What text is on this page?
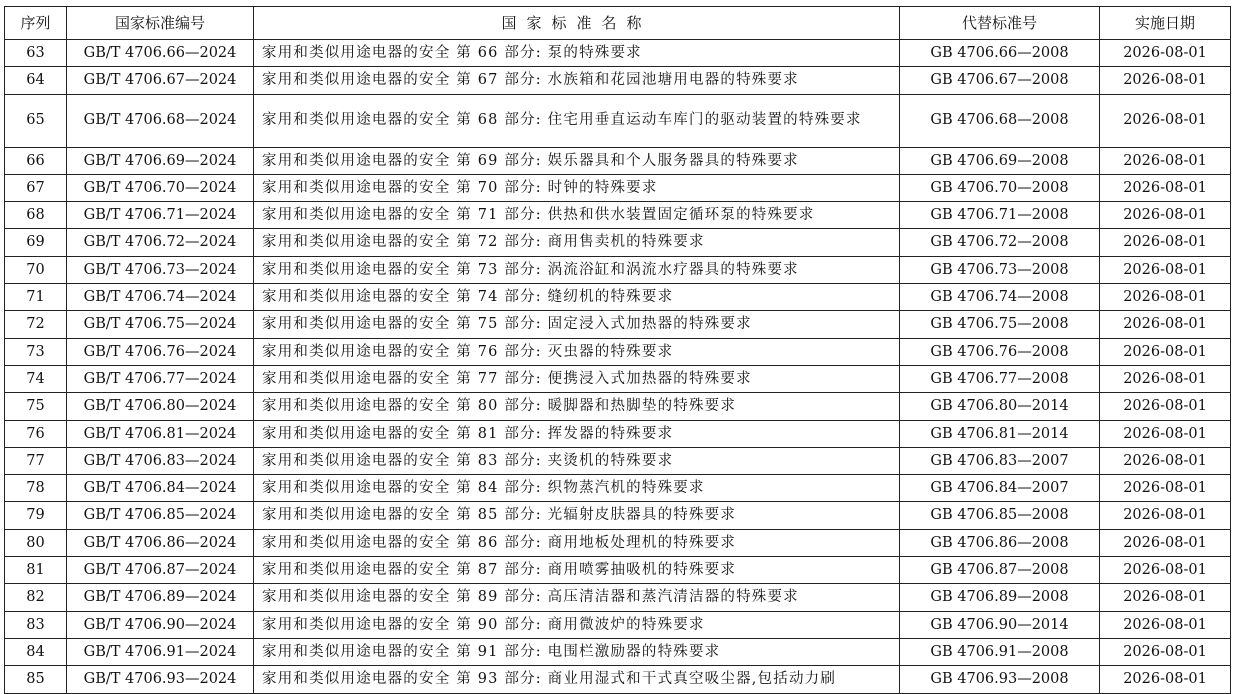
序列	国家标准编号	国家标准名称	代替标准号	实施日期
63	GB/T 4706.66—2024	家用和类似用途电器的安全 第 66 部分: 泵的特殊要求	GB 4706.66—2008	2026-08-01
64	GB/T 4706.67—2024	家用和类似用途电器的安全 第 67 部分: 水族箱和花园池塘用电器的特殊要求	GB 4706.67—2008	2026-08-01
65	GB/T 4706.68—2024	家用和类似用途电器的安全 第 68 部分: 住宅用垂直运动车库门的驱动装置的特殊要求	GB 4706.68—2008	2026-08-01
66	GB/T 4706.69—2024	家用和类似用途电器的安全 第 69 部分: 娱乐器具和个人服务器具的特殊要求	GB 4706.69—2008	2026-08-01
67	GB/T 4706.70—2024	家用和类似用途电器的安全 第 70 部分: 时钟的特殊要求	GB 4706.70—2008	2026-08-01
68	GB/T 4706.71—2024	家用和类似用途电器的安全 第 71 部分: 供热和供水装置固定循环泵的特殊要求	GB 4706.71—2008	2026-08-01
69	GB/T 4706.72—2024	家用和类似用途电器的安全 第 72 部分: 商用售卖机的特殊要求	GB 4706.72—2008	2026-08-01
70	GB/T 4706.73—2024	家用和类似用途电器的安全 第 73 部分: 涡流浴缸和涡流水疗器具的特殊要求	GB 4706.73—2008	2026-08-01
71	GB/T 4706.74—2024	家用和类似用途电器的安全 第 74 部分: 缝纫机的特殊要求	GB 4706.74—2008	2026-08-01
72	GB/T 4706.75—2024	家用和类似用途电器的安全 第 75 部分: 固定浸入式加热器的特殊要求	GB 4706.75—2008	2026-08-01
73	GB/T 4706.76—2024	家用和类似用途电器的安全 第 76 部分: 灭虫器的特殊要求	GB 4706.76—2008	2026-08-01
74	GB/T 4706.77—2024	家用和类似用途电器的安全 第 77 部分: 便携浸入式加热器的特殊要求	GB 4706.77—2008	2026-08-01
75	GB/T 4706.80—2024	家用和类似用途电器的安全 第 80 部分: 暖脚器和热脚垫的特殊要求	GB 4706.80—2014	2026-08-01
76	GB/T 4706.81—2024	家用和类似用途电器的安全 第 81 部分: 挥发器的特殊要求	GB 4706.81—2014	2026-08-01
77	GB/T 4706.83—2024	家用和类似用途电器的安全 第 83 部分: 夹烫机的特殊要求	GB 4706.83—2007	2026-08-01
78	GB/T 4706.84—2024	家用和类似用途电器的安全 第 84 部分: 织物蒸汽机的特殊要求	GB 4706.84—2007	2026-08-01
79	GB/T 4706.85—2024	家用和类似用途电器的安全 第 85 部分: 光辐射皮肤器具的特殊要求	GB 4706.85—2008	2026-08-01
80	GB/T 4706.86—2024	家用和类似用途电器的安全 第 86 部分: 商用地板处理机的特殊要求	GB 4706.86—2008	2026-08-01
81	GB/T 4706.87—2024	家用和类似用途电器的安全 第 87 部分: 商用喷雾抽吸机的特殊要求	GB 4706.87—2008	2026-08-01
82	GB/T 4706.89—2024	家用和类似用途电器的安全 第 89 部分: 高压清洁器和蒸汽清洁器的特殊要求	GB 4706.89—2008	2026-08-01
83	GB/T 4706.90—2024	家用和类似用途电器的安全 第 90 部分: 商用微波炉的特殊要求	GB 4706.90—2014	2026-08-01
84	GB/T 4706.91—2024	家用和类似用途电器的安全 第 91 部分: 电围栏激励器的特殊要求	GB 4706.91—2008	2026-08-01
85	GB/T 4706.93—2024	家用和类似用途电器的安全 第 93 部分: 商业用湿式和干式真空吸尘器,包括动力刷	GB 4706.93—2008	2026-08-01
